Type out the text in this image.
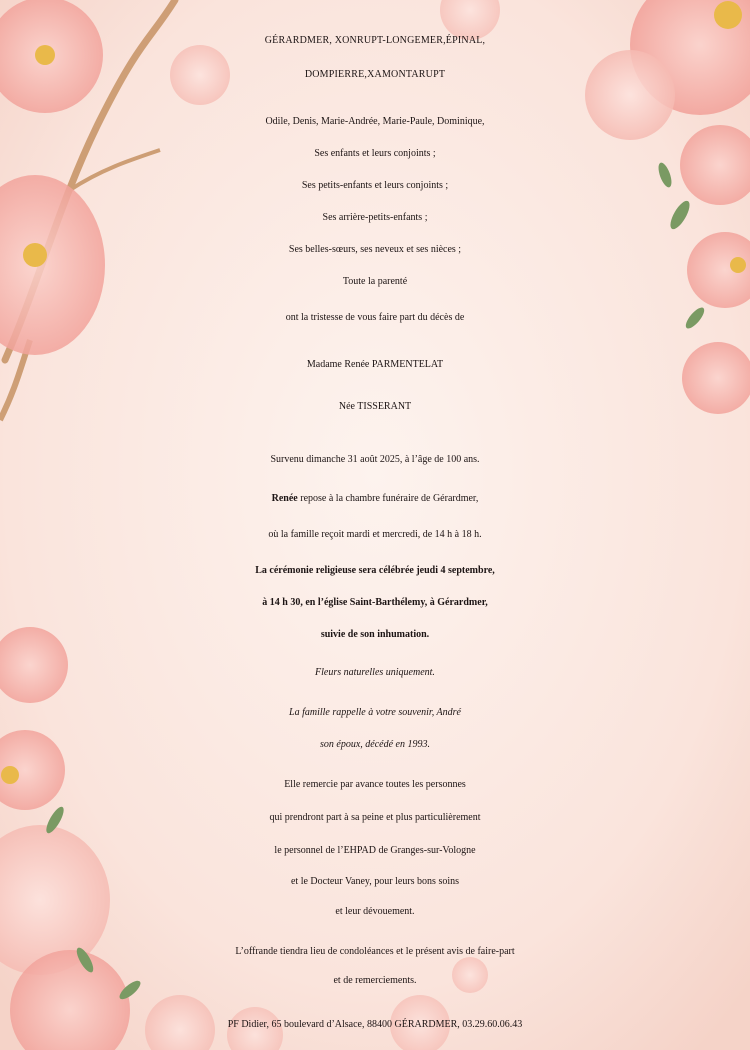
GÉRARDMER, XONRUPT-LONGEMER,ÉPINAL,
DOMPIERRE,XAMONTARUPT
Odile, Denis, Marie-Andrée, Marie-Paule, Dominique,
Ses enfants et leurs conjoints ;
Ses petits-enfants et leurs conjoints ;
Ses arrière-petits-enfants ;
Ses belles-sœurs, ses neveux et ses nièces ;
Toute la parenté
ont la tristesse de vous faire part du décès de
Madame Renée PARMENTELAT
Née TISSERANT
Survenu dimanche 31 août 2025, à l’âge de 100 ans.
Renée repose à la chambre funéraire de Gérardmer,
où la famille reçoit mardi et mercredi, de 14 h à 18 h.
La cérémonie religieuse sera célébrée jeudi 4 septembre,
à 14 h 30, en l’église Saint-Barthélemy, à Gérardmer,
suivie de son inhumation.
Fleurs naturelles uniquement.
La famille rappelle à votre souvenir, André
son époux, décédé en 1993.
Elle remercie par avance toutes les personnes
qui prendront part à sa peine et plus particulièrement
le personnel de l’EHPAD de Granges-sur-Vologne
et le Docteur Vaney, pour leurs bons soins
et leur dévouement.
L’offrande tiendra lieu de condoléances et le présent avis de faire-part
et de remerciements.
PF Didier, 65 boulevard d’Alsace, 88400 GÉRARDMER, 03.29.60.06.43
